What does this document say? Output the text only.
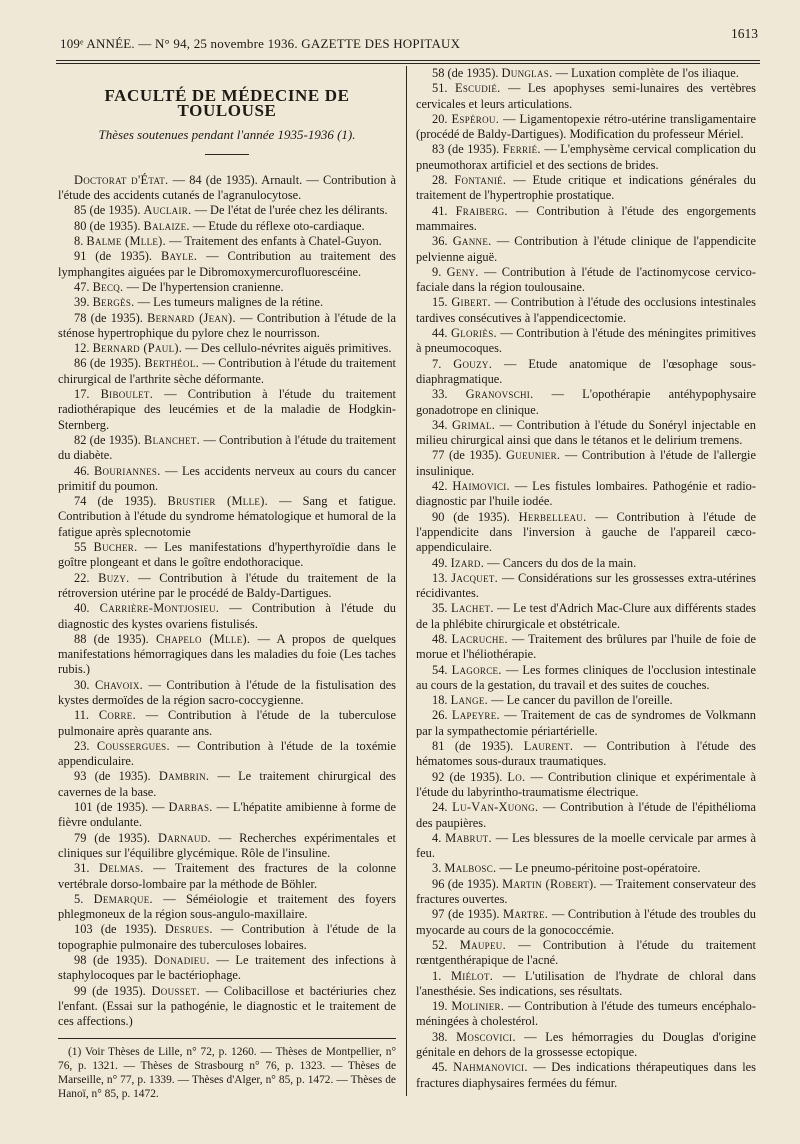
109ᵉ ANNÉE. — N° 94, 25 novembre 1936. GAZETTE DES HOPITAUX
1613
FACULTÉ DE MÉDECINE DE TOULOUSE
Thèses soutenues pendant l'année 1935-1936 (1).

Doctorat d'État. — 84 (de 1935). Arnault. — Contribution à l'étude des accidents cutanés de l'agranulocytose.

85 (de 1935). Auclair. — De l'état de l'urée chez les délirants.

80 (de 1935). Balaize. — Etude du réflexe oto-cardiaque.

8. Balme (Mlle). — Traitement des enfants à Chatel-Guyon.

91 (de 1935). Bayle. — Contribution au traitement des lymphangites aiguées par le Dibromoxymercurofluorescéine.

47. Becq. — De l'hypertension cranienne.

39. Bergès. — Les tumeurs malignes de la rétine.

78 (de 1935). Bernard (Jean). — Contribution à l'étude de la sténose hypertrophique du pylore chez le nourrisson.

12. Bernard (Paul). — Des cellulo-névrites aiguës primitives.

86 (de 1935). Berthéol. — Contribution à l'étude du traitement chirurgical de l'arthrite sèche déformante.

17. Biboulet. — Contribution à l'étude du traitement radiothérapique des leucémies et de la maladie de Hodgkin-Sternberg.

82 (de 1935). Blanchet. — Contribution à l'étude du traitement du diabète.

46. Bouriannes. — Les accidents nerveux au cours du cancer primitif du poumon.

74 (de 1935). Brustier (Mlle). — Sang et fatigue. Contribution à l'étude du syndrome hématologique et humoral de la fatigue après splecnotomie

55 Bucher. — Les manifestations d'hyperthyroïdie dans le goître plongeant et dans le goître endothoracique.

22. Buzy. — Contribution à l'étude du traitement de la rétroversion utérine par le procédé de Baldy-Dartigues.

40. Carrière-Montjosieu. — Contribution à l'étude du diagnostic des kystes ovariens fistulisés.

88 (de 1935). Chapelo (Mlle). — A propos de quelques manifestations hémorragiques dans les maladies du foie (Les taches rubis.)

30. Chavoix. — Contribution à l'étude de la fistulisation des kystes dermoïdes de la région sacro-coccygienne.

11. Corre. — Contribution à l'étude de la tuberculose pulmonaire après quarante ans.

23. Coussergues. — Contribution à l'étude de la toxémie appendiculaire.

93 (de 1935). Dambrin. — Le traitement chirurgical des cavernes de la base.

101 (de 1935). — Darbas. — L'hépatite amibienne à forme de fièvre ondulante.

79 (de 1935). Darnaud. — Recherches expérimentales et cliniques sur l'équilibre glycémique. Rôle de l'insuline.

31. Delmas. — Traitement des fractures de la colonne vertébrale dorso-lombaire par la méthode de Böhler.

5. Demarque. — Séméiologie et traitement des foyers phlegmoneux de la région sous-angulo-maxillaire.

103 (de 1935). Desrues. — Contribution à l'étude de la topographie pulmonaire des tuberculoses lobaires.

98 (de 1935). Donadieu. — Le traitement des infections à staphylocoques par le bactériophage.

99 (de 1935). Dousset. — Colibacillose et bactériuries chez l'enfant. (Essai sur la pathogénie, le diagnostic et le traitement de ces affections.)

(1) Voir Thèses de Lille, n° 72, p. 1260. — Thèses de Montpellier, n° 76, p. 1321. — Thèses de Strasbourg n° 76, p. 1323. — Thèses de Marseille, n° 77, p. 1339. — Thèses d'Alger, n° 85, p. 1472. — Thèses de Hanoï, n° 85, p. 1472.

58 (de 1935). Dunglas. — Luxation complète de l'os iliaque.

51. Escudié. — Les apophyses semi-lunaires des vertèbres cervicales et leurs articulations.

20. Espérou. — Ligamentopexie rétro-utérine transligamentaire (procédé de Baldy-Dartigues). Modification du professeur Mériel.

83 (de 1935). Ferrié. — L'emphysème cervical complication du pneumothorax artificiel et des sections de brides.

28. Fontanié. — Etude critique et indications générales du traitement de l'hypertrophie prostatique.

41. Fraiberg. — Contribution à l'étude des engorgements mammaires.

36. Ganne. — Contribution à l'étude clinique de l'appendicite pelvienne aiguë.

9. Geny. — Contribution à l'étude de l'actinomycose cervico-faciale dans la région toulousaine.

15. Gibert. — Contribution à l'étude des occlusions intestinales tardives consécutives à l'appendicectomie.

44. Gloriès. — Contribution à l'étude des méningites primitives à pneumocoques.

7. Gouzy. — Etude anatomique de l'œsophage sous-diaphragmatique.

33. Granovschi. — L'opothérapie antéhypophysaire gonadotrope en clinique.

34. Grimal. — Contribution à l'étude du Sonéryl injectable en milieu chirurgical ainsi que dans le tétanos et le delirium tremens.

77 (de 1935). Gueunier. — Contribution à l'étude de l'allergie insulinique.

42. Haimovici. — Les fistules lombaires. Pathogénie et radio-diagnostic par l'huile iodée.

90 (de 1935). Herbelleau. — Contribution à l'étude de l'appendicite dans l'inversion à gauche de l'appareil cæco-appendiculaire.

49. Izard. — Cancers du dos de la main.

13. Jacquet. — Considérations sur les grossesses extra-utérines récidivantes.

35. Lachet. — Le test d'Adrich Mac-Clure aux différents stades de la phlébite chirurgicale et obstétricale.

48. Lacruche. — Traitement des brûlures par l'huile de foie de morue et l'héliothérapie.

54. Lagorce. — Les formes cliniques de l'occlusion intestinale au cours de la gestation, du travail et des suites de couches.

18. Lange. — Le cancer du pavillon de l'oreille.

26. Lapeyre. — Traitement de cas de syndromes de Volkmann par la sympathectomie périartérielle.

81 (de 1935). Laurent. — Contribution à l'étude des hématomes sous-duraux traumatiques.

92 (de 1935). Lo. — Contribution clinique et expérimentale à l'étude du labyrintho-traumatisme électrique.

24. Lu-Van-Xuong. — Contribution à l'étude de l'épithélioma des paupières.

4. Mabrut. — Les blessures de la moelle cervicale par armes à feu.

3. Malbosc. — Le pneumo-péritoine post-opératoire.

96 (de 1935). Martin (Robert). — Traitement conservateur des fractures ouvertes.

97 (de 1935). Martre. — Contribution à l'étude des troubles du myocarde au cours de la gonococcémie.

52. Maupeu. — Contribution à l'étude du traitement rœntgenthérapique de l'acné.

1. Miélot. — L'utilisation de l'hydrate de chloral dans l'anesthésie. Ses indications, ses résultats.

19. Molinier. — Contribution à l'étude des tumeurs encéphalo-méningées à cholestérol.

38. Moscovici. — Les hémorragies du Douglas d'origine génitale en dehors de la grossesse ectopique.

45. Nahmanovici. — Des indications thérapeutiques dans les fractures diaphysaires fermées du fémur.
